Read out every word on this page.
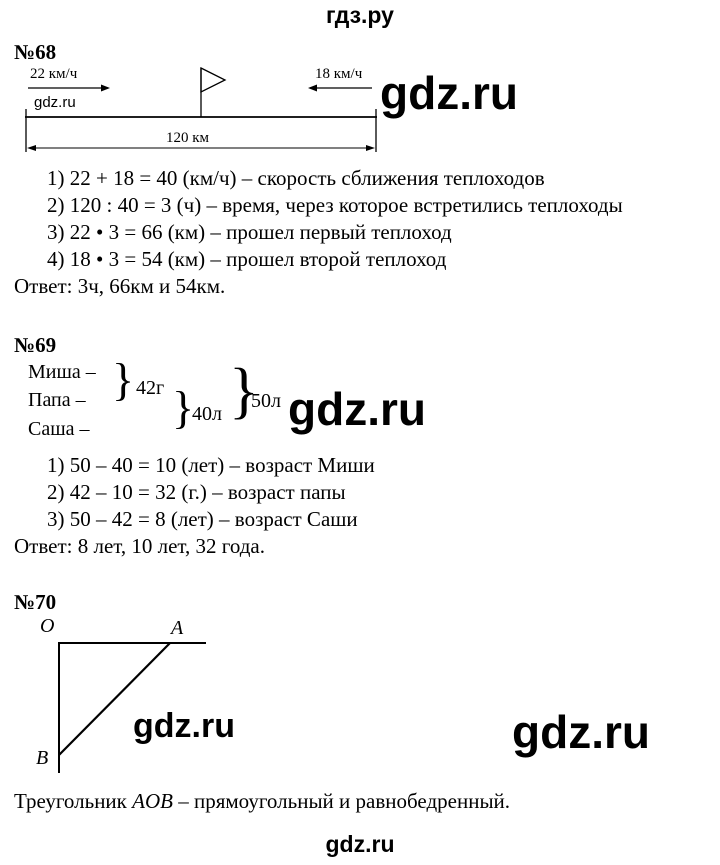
гдз.ру
№68
22 км/ч	18 км/ч
gdz.ru
120 км
gdz.ru
1) 22 + 18 = 40 (км/ч) – скорость сближения теплоходов
2) 120 : 40 = 3 (ч) – время, через которое встретились теплоходы
3) 22 • 3 = 66 (км) – прошел первый теплоход
4) 18 • 3 = 54 (км) – прошел второй теплоход
Ответ: 3ч, 66км и 54км.
№69
Миша –
Папа –
Саша –
} 42г }
40л }
50л gdz.ru
1) 50 – 40 = 10 (лет) – возраст Миши
2) 42 – 10 = 32 (г.) – возраст папы
3) 50 – 42 = 8 (лет) – возраст Саши
Ответ: 8 лет, 10 лет, 32 года.
№70
O	A
B
gdz.ru	gdz.ru
Треугольник AOB – прямоугольный и равнобедренный.
gdz.ru
